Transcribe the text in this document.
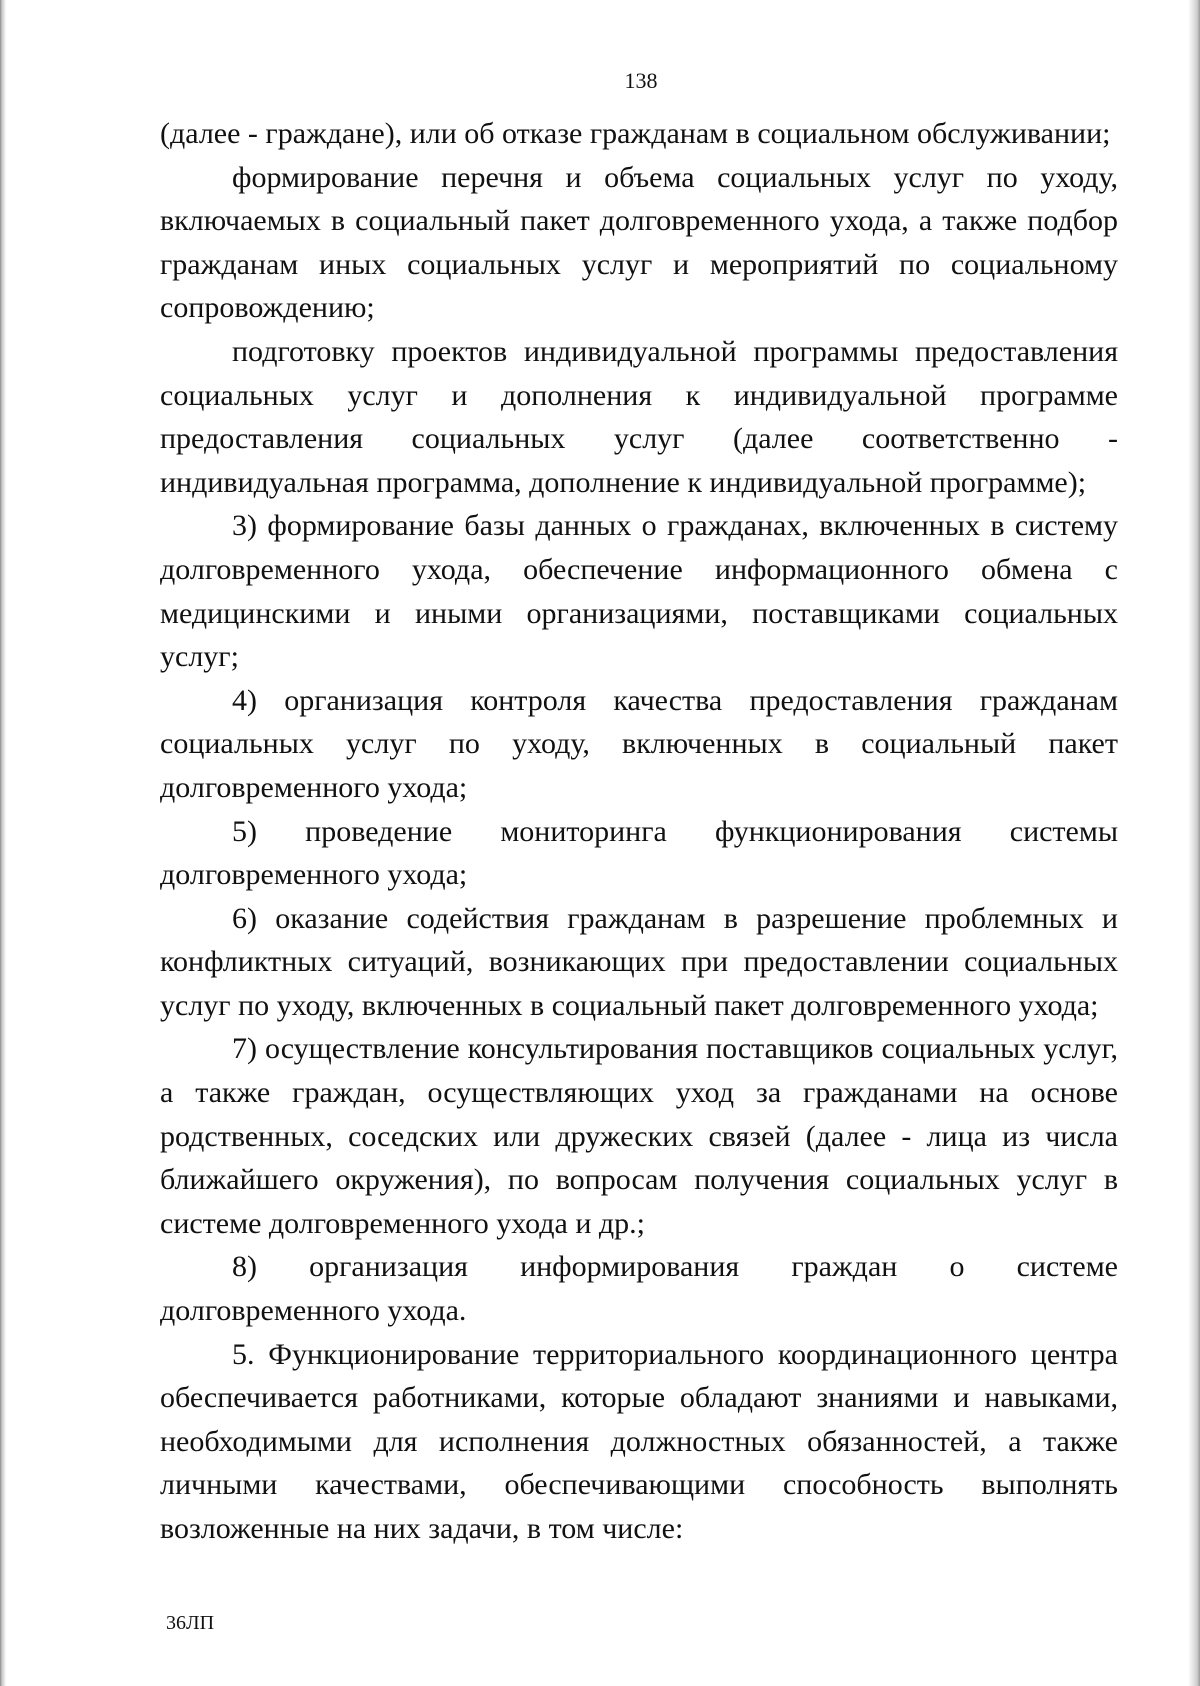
138

(далее - граждане), или об отказе гражданам в социальном обслуживании;

формирование перечня и объема социальных услуг по уходу, включаемых в социальный пакет долговременного ухода, а также подбор гражданам иных социальных услуг и мероприятий по социальному сопровождению;

подготовку проектов индивидуальной программы предоставления социальных услуг и дополнения к индивидуальной программе предоставления социальных услуг (далее соответственно - индивидуальная программа, дополнение к индивидуальной программе);

3) формирование базы данных о гражданах, включенных в систему долговременного ухода, обеспечение информационного обмена с медицинскими и иными организациями, поставщиками социальных услуг;

4) организация контроля качества предоставления гражданам социальных услуг по уходу, включенных в социальный пакет долговременного ухода;

5) проведение мониторинга функционирования системы долговременного ухода;

6) оказание содействия гражданам в разрешение проблемных и конфликтных ситуаций, возникающих при предоставлении социальных услуг по уходу, включенных в социальный пакет долговременного ухода;

7) осуществление консультирования поставщиков социальных услуг, а также граждан, осуществляющих уход за гражданами на основе родственных, соседских или дружеских связей (далее - лица из числа ближайшего окружения), по вопросам получения социальных услуг в системе долговременного ухода и др.;

8) организация информирования граждан о системе долговременного ухода.

5. Функционирование территориального координационного центра обеспечивается работниками, которые обладают знаниями и навыками, необходимыми для исполнения должностных обязанностей, а также личными качествами, обеспечивающими способность выполнять возложенные на них задачи, в том числе:

36ЛП
